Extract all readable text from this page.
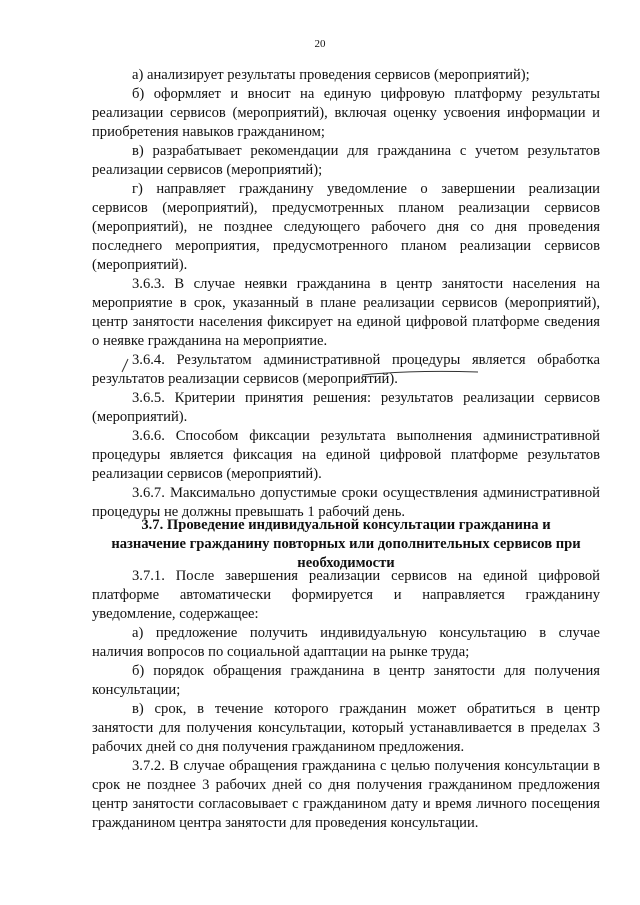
20

а) анализирует результаты проведения сервисов (мероприятий);

б) оформляет и вносит на единую цифровую платформу результаты реализации сервисов (мероприятий), включая оценку усвоения информации и приобретения навыков гражданином;

в) разрабатывает рекомендации для гражданина с учетом результатов реализации сервисов (мероприятий);

г) направляет гражданину уведомление о завершении реализации сервисов (мероприятий), предусмотренных планом реализации сервисов (мероприятий), не позднее следующего рабочего дня со дня проведения последнего мероприятия, предусмотренного планом реализации сервисов (мероприятий).

3.6.3. В случае неявки гражданина в центр занятости населения на мероприятие в срок, указанный в плане реализации сервисов (мероприятий), центр занятости населения фиксирует на единой цифровой платформе сведения о неявке гражданина на мероприятие.

3.6.4. Результатом административной процедуры является обработка результатов реализации сервисов (мероприятий).

3.6.5. Критерии принятия решения: результатов реализации сервисов (мероприятий).

3.6.6. Способом фиксации результата выполнения административной процедуры является фиксация на единой цифровой платформе результатов реализации сервисов (мероприятий).

3.6.7. Максимально допустимые сроки осуществления административной процедуры не должны превышать 1 рабочий день.

3.7. Проведение индивидуальной консультации гражданина и
назначение гражданину повторных или дополнительных сервисов при
необходимости

3.7.1. После завершения реализации сервисов на единой цифровой платформе автоматически формируется и направляется гражданину уведомление, содержащее:

а) предложение получить индивидуальную консультацию в случае наличия вопросов по социальной адаптации на рынке труда;

б) порядок обращения гражданина в центр занятости для получения консультации;

в) срок, в течение которого гражданин может обратиться в центр занятости для получения консультации, который устанавливается в пределах 3 рабочих дней со дня получения гражданином предложения.

3.7.2. В случае обращения гражданина с целью получения консультации в срок не позднее 3 рабочих дней со дня получения гражданином предложения центр занятости согласовывает с гражданином дату и время личного посещения гражданином центра занятости для проведения консультации.
